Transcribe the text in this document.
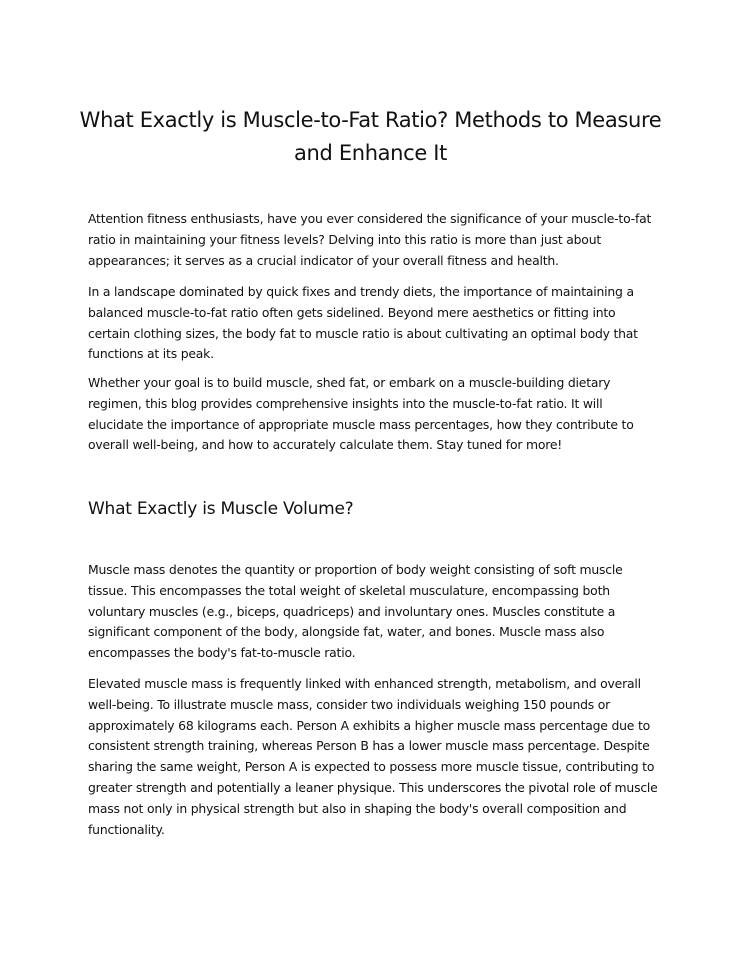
What Exactly is Muscle-to-Fat Ratio? Methods to Measure and Enhance It

Attention fitness enthusiasts, have you ever considered the significance of your muscle-to-fat ratio in maintaining your fitness levels? Delving into this ratio is more than just about appearances; it serves as a crucial indicator of your overall fitness and health.

In a landscape dominated by quick fixes and trendy diets, the importance of maintaining a balanced muscle-to-fat ratio often gets sidelined. Beyond mere aesthetics or fitting into certain clothing sizes, the body fat to muscle ratio is about cultivating an optimal body that functions at its peak.

Whether your goal is to build muscle, shed fat, or embark on a muscle-building dietary regimen, this blog provides comprehensive insights into the muscle-to-fat ratio. It will elucidate the importance of appropriate muscle mass percentages, how they contribute to overall well-being, and how to accurately calculate them. Stay tuned for more!

What Exactly is Muscle Volume?

Muscle mass denotes the quantity or proportion of body weight consisting of soft muscle tissue. This encompasses the total weight of skeletal musculature, encompassing both voluntary muscles (e.g., biceps, quadriceps) and involuntary ones. Muscles constitute a significant component of the body, alongside fat, water, and bones. Muscle mass also encompasses the body's fat-to-muscle ratio.

Elevated muscle mass is frequently linked with enhanced strength, metabolism, and overall well-being. To illustrate muscle mass, consider two individuals weighing 150 pounds or approximately 68 kilograms each. Person A exhibits a higher muscle mass percentage due to consistent strength training, whereas Person B has a lower muscle mass percentage. Despite sharing the same weight, Person A is expected to possess more muscle tissue, contributing to greater strength and potentially a leaner physique. This underscores the pivotal role of muscle mass not only in physical strength but also in shaping the body's overall composition and functionality.
